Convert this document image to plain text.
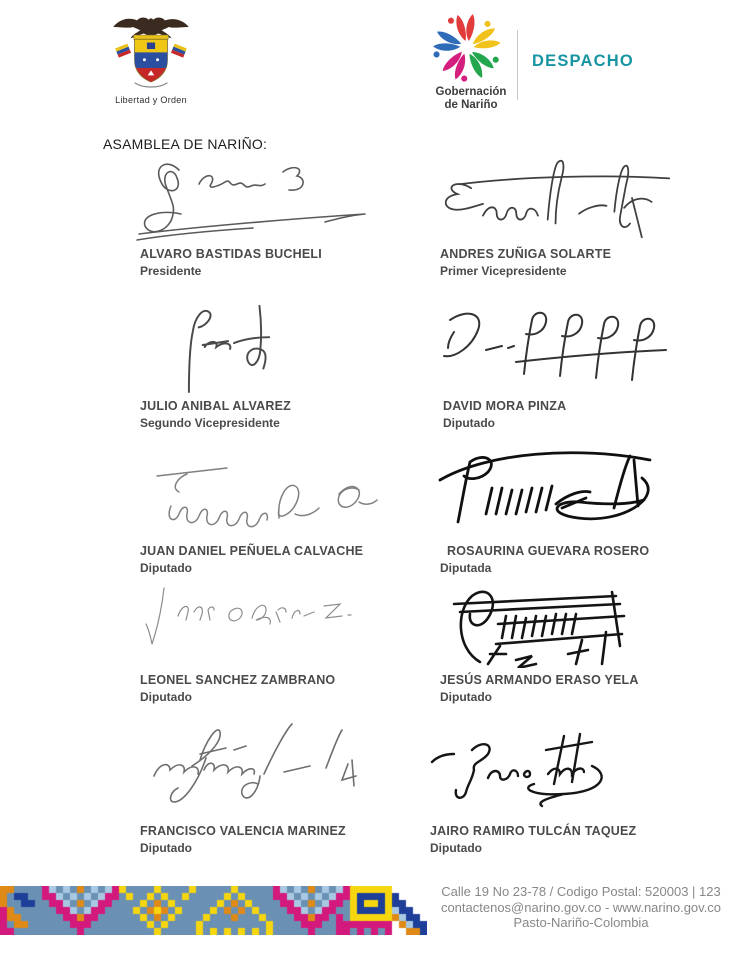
Libertad y Orden
Gobernación
de Nariño
DESPACHO
ASAMBLEA DE NARIÑO:
ALVARO BASTIDAS BUCHELI
Presidente
ANDRES ZUÑIGA SOLARTE
Primer Vicepresidente
JULIO ANIBAL ALVAREZ
Segundo Vicepresidente
DAVID MORA PINZA
Diputado
JUAN DANIEL PEÑUELA CALVACHE
Diputado
ROSAURINA GUEVARA ROSERO
Diputada
LEONEL SANCHEZ ZAMBRANO
Diputado
JESÚS ARMANDO ERASO YELA
Diputado
FRANCISCO VALENCIA MARINEZ
Diputado
JAIRO RAMIRO TULCÁN TAQUEZ
Diputado
Calle 19 No 23-78 / Codigo Postal: 520003 | 123
contactenos@narino.gov.co - www.narino.gov.co
Pasto-Nariño-Colombia
